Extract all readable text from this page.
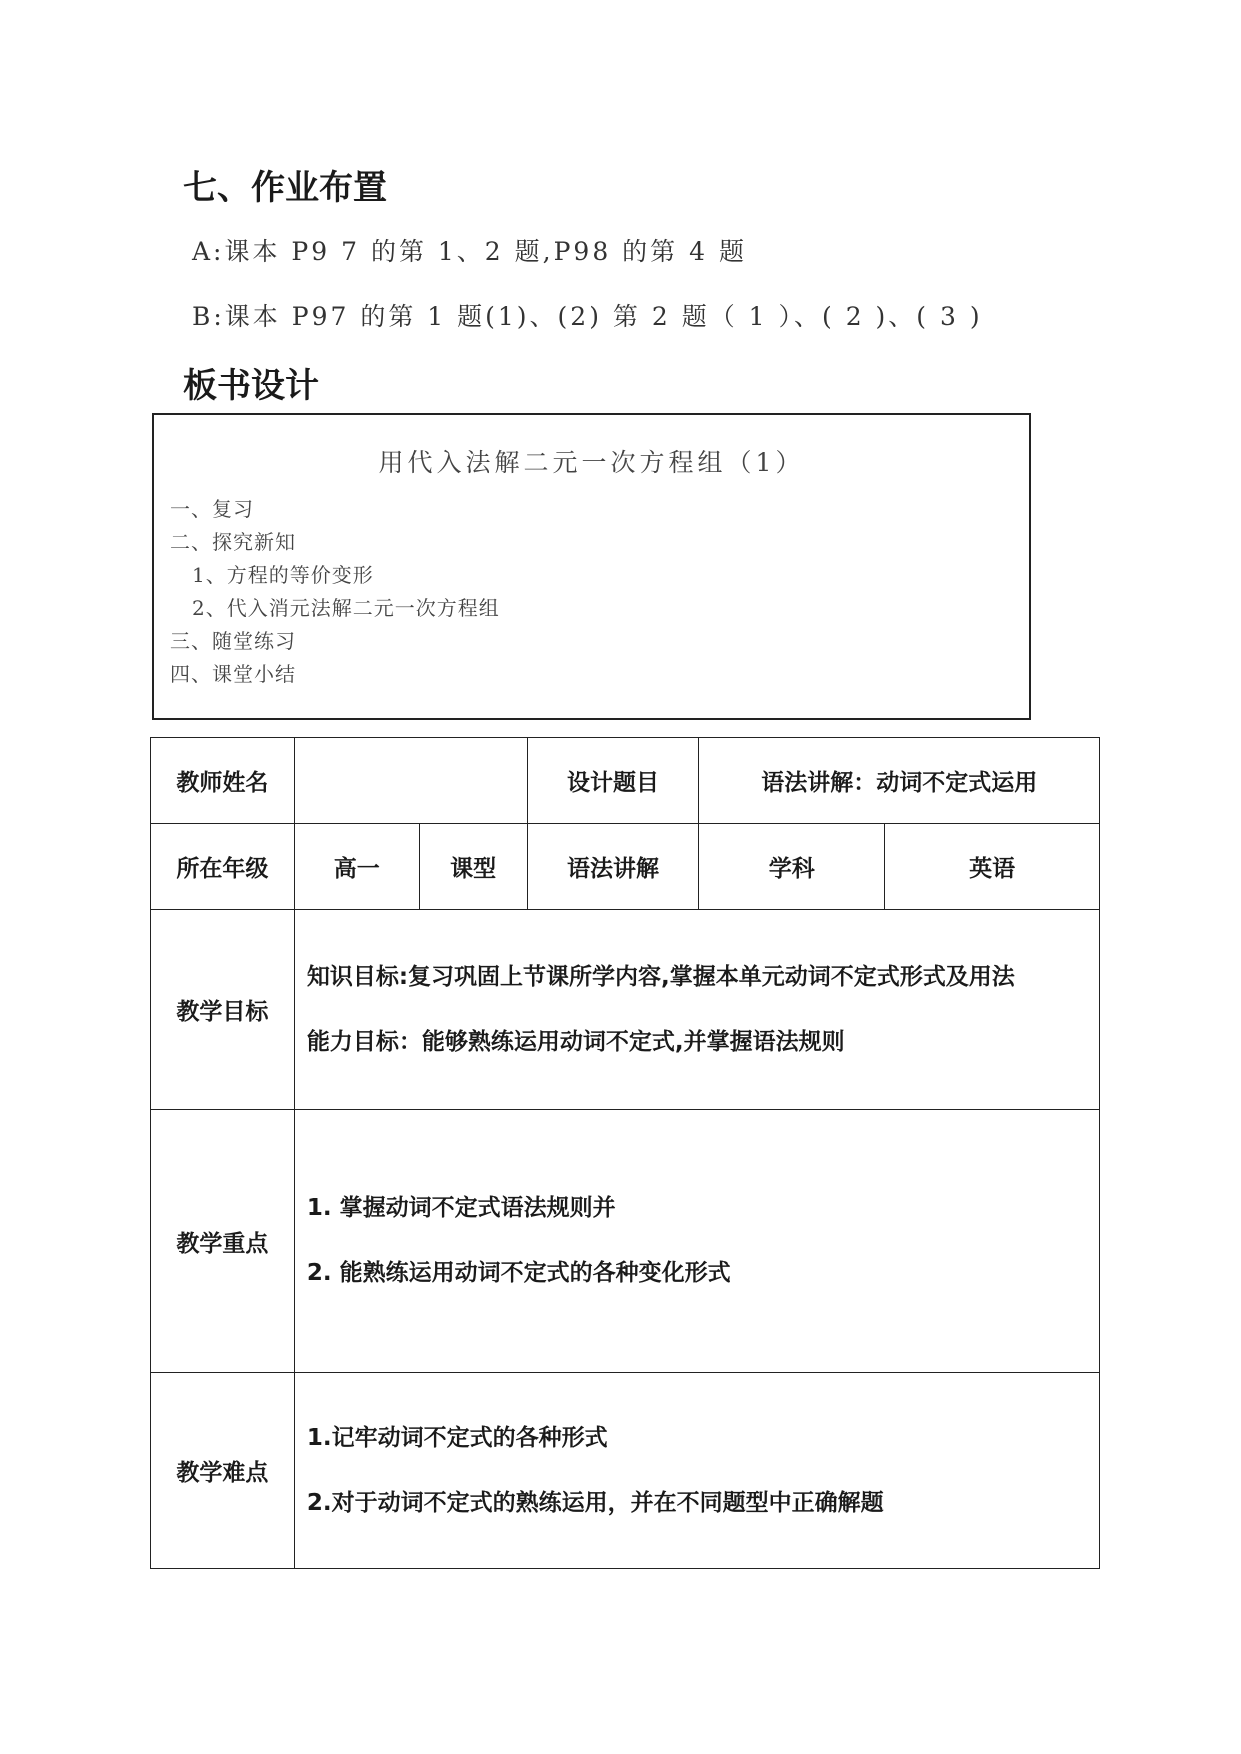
七、作业布置
A:课本 P9 7 的第 1、2 题,P98 的第 4 题
B:课本 P97 的第 1 题(1)、(2) 第 2 题（ 1 ）、( 2 )、( 3 )
板书设计
用代入法解二元一次方程组（1）
一、复习
二、探究新知
1、方程的等价变形
2、代入消元法解二元一次方程组
三、随堂练习
四、课堂小结
教师姓名			设计题目	语法讲解：动词不定式运用	
所在年级	高一	课型	语法讲解	学科	英语
教学目标	知识目标:复习巩固上节课所学内容,掌握本单元动词不定式形式及用法
能力目标：能够熟练运用动词不定式,并掌握语法规则				

教学重点	1. 掌握动词不定式语法规则并
2. 能熟练运用动词不定式的各种变化形式				

教学难点	1.记牢动词不定式的各种形式
2.对于动词不定式的熟练运用，并在不同题型中正确解题				
